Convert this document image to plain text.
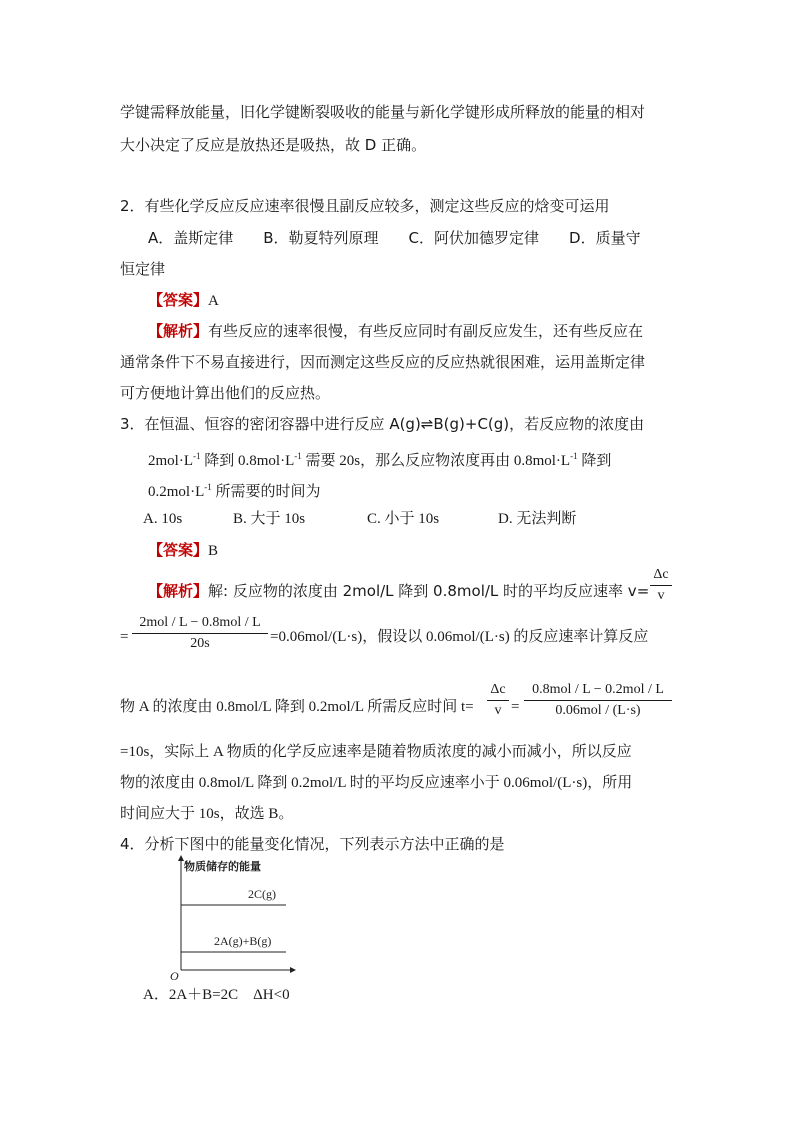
学键需释放能量，旧化学键断裂吸收的能量与新化学键形成所释放的能量的相对
大小决定了反应是放热还是吸热，故 D 正确。
2．有些化学反应反应速率很慢且副反应较多，测定这些反应的焓变可运用
A．盖斯定律　　B．勒夏特列原理　　C．阿伏加德罗定律　　D．质量守
恒定律
【答案】A
【解析】有些反应的速率很慢，有些反应同时有副反应发生，还有些反应在
通常条件下不易直接进行，因而测定这些反应的反应热就很困难，运用盖斯定律
可方便地计算出他们的反应热。
3．在恒温、恒容的密闭容器中进行反应 A(g)⇌B(g)+C(g)，若反应物的浓度由
$2mol\cdot L^{-1}$ 降到 $0.8mol\cdot L^{-1}$ 需要 20s，那么反应物浓度再由 $0.8mol\cdot L^{-1}$ 降到
$0.2mol\cdot L^{-1}$ 所需要的时间为
A. 10s	B. 大于 10s	C. 小于 10s	D. 无法判断
【答案】B
【解析】解: 反应物的浓度由 2mol/L 降到 0.8mol/L 时的平均反应速率 v=
Δc
v
=
2mol / L − 0.8mol / L
20s	=0.06mol/(L·s)，假设以 0.06mol/(L·s) 的反应速率计算反应
物 A 的浓度由 0.8mol/L 降到 0.2mol/L 所需反应时间 t=
Δc
v =
0.8mol / L − 0.2mol / L
0.06mol / (L·s)
=10s，实际上 A 物质的化学反应速率是随着物质浓度的减小而减小，所以反应
物的浓度由 0.8mol/L 降到 0.2mol/L 时的平均反应速率小于 0.06mol/(L·s)，所用
时间应大于 10s，故选 B。
4．分析下图中的能量变化情况，下列表示方法中正确的是
物质储存的能量
2C(g)
2A(g)+B(g)
O
A．2A＋B=2C　ΔH<0
